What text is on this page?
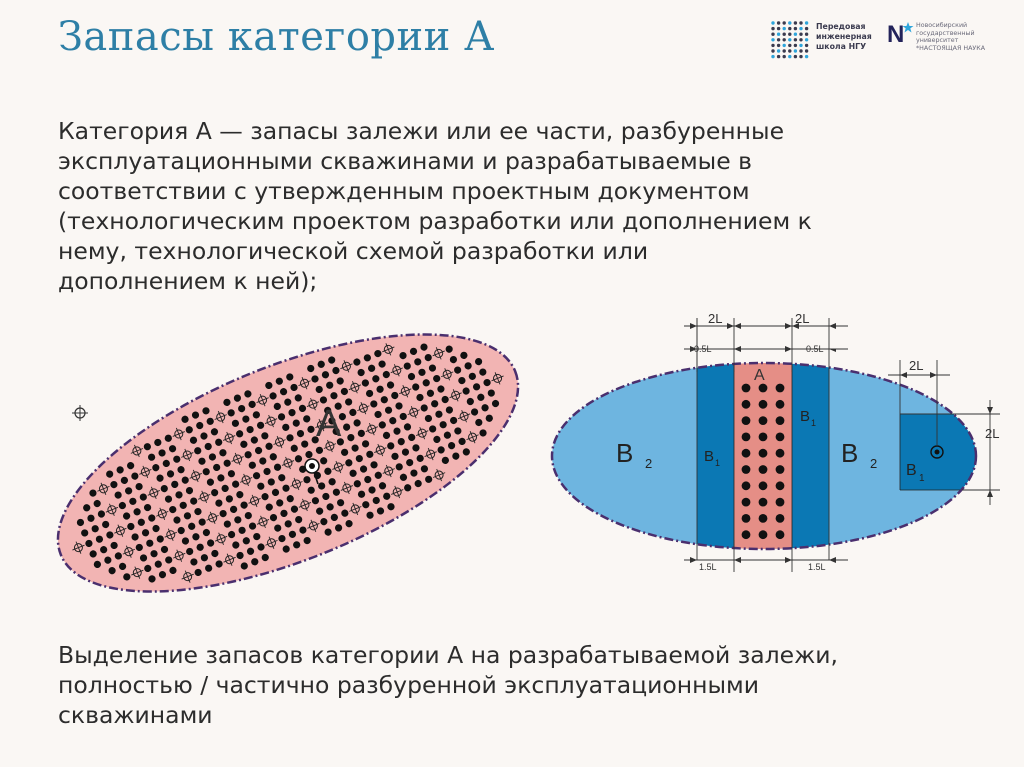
Запасы категории А	Передовая
инженерная
школа НГУ N Новосибирский
государственный
университет
*НАСТОЯЩАЯ НАУКА

Категория А — запасы залежи или ее части, разбуренные
эксплуатационными скважинами и разрабатываемые в
соответствии с утвержденным проектным документом
(технологическим проектом разработки или дополнением к
нему, технологической схемой разработки или
дополнением к ней);

A
A
B 2	B 2
B 1
B 1
B 1
2L	2L
2L
2L
0.5L	0.5L
1.5L	1.5L

Выделение запасов категории А на разрабатываемой залежи,
полностью / частично разбуренной эксплуатационными
скважинами
